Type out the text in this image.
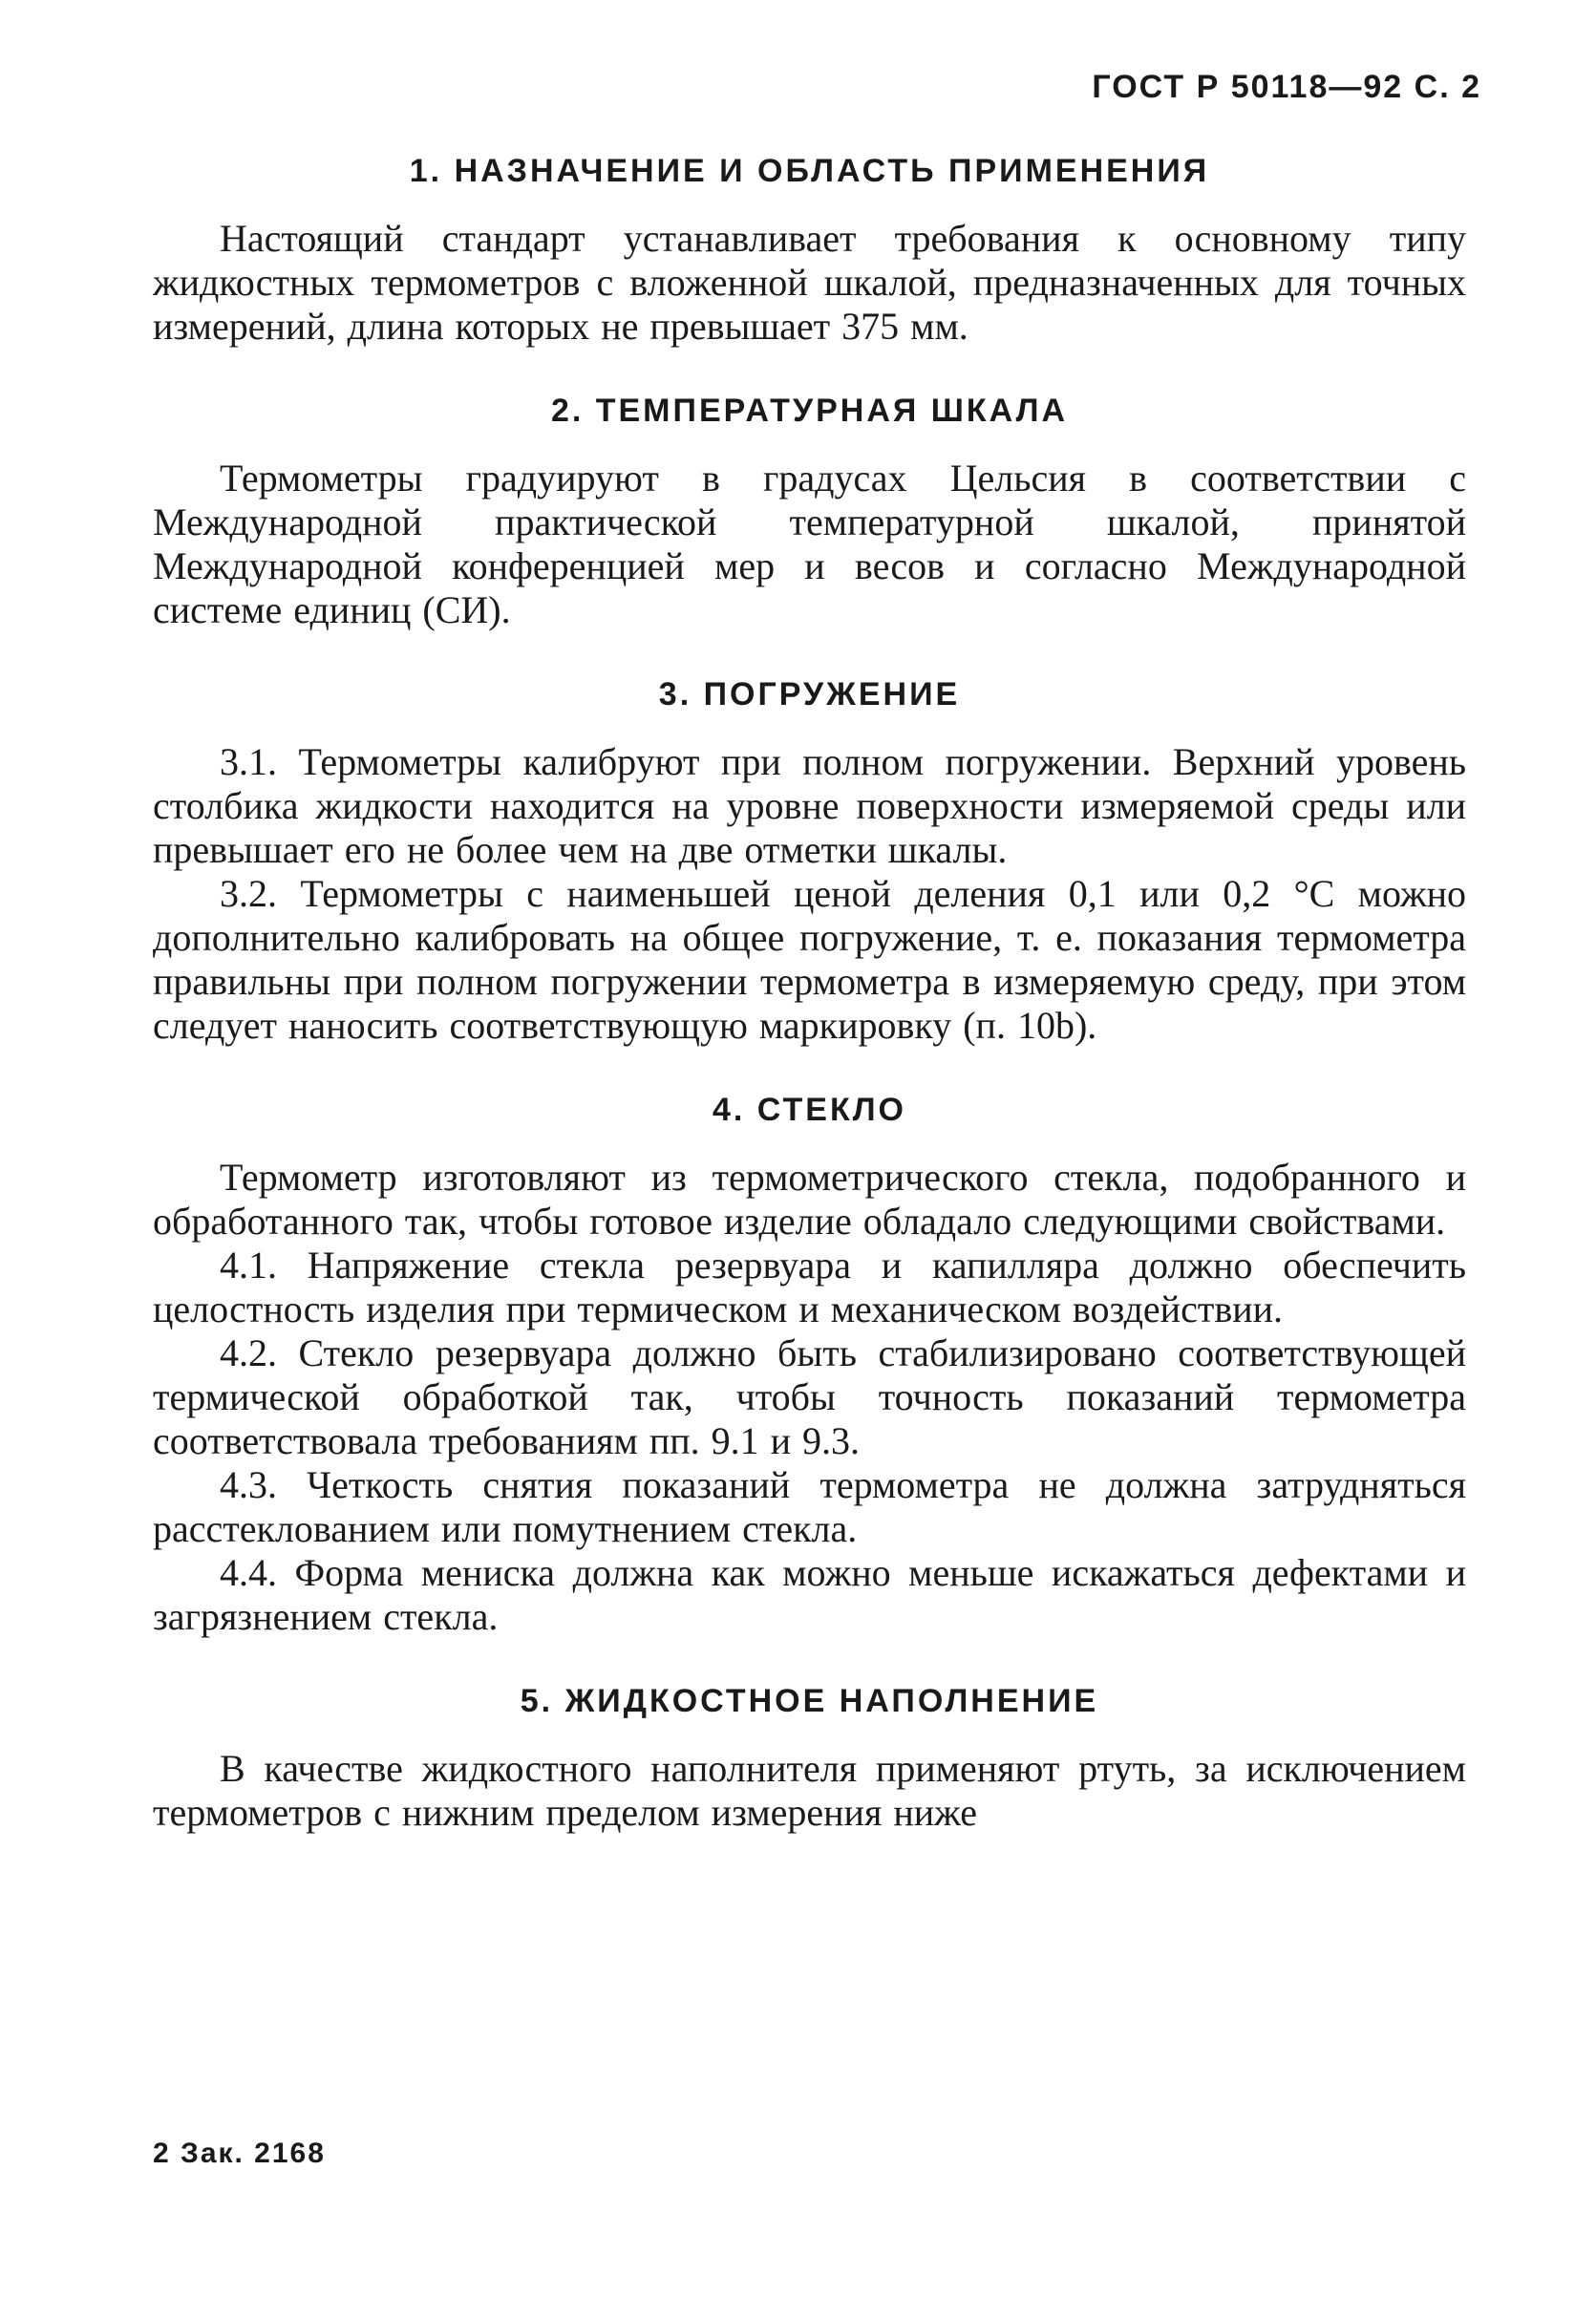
ГОСТ Р 50118—92 С. 2
1. НАЗНАЧЕНИЕ И ОБЛАСТЬ ПРИМЕНЕНИЯ

Настоящий стандарт устанавливает требования к основному типу жидкостных термометров с вложенной шкалой, предназначенных для точных измерений, длина которых не превышает 375 мм.

2. ТЕМПЕРАТУРНАЯ ШКАЛА

Термометры градуируют в градусах Цельсия в соответствии с Международной практической температурной шкалой, принятой Международной конференцией мер и весов и согласно Международной системе единиц (СИ).

3. ПОГРУЖЕНИЕ

3.1. Термометры калибруют при полном погружении. Верхний уровень столбика жидкости находится на уровне поверхности измеряемой среды или превышает его не более чем на две отметки шкалы.

3.2. Термометры с наименьшей ценой деления 0,1 или 0,2 °С можно дополнительно калибровать на общее погружение, т. е. показания термометра правильны при полном погружении термометра в измеряемую среду, при этом следует наносить соответствующую маркировку (п. 10b).

4. СТЕКЛО

Термометр изготовляют из термометрического стекла, подобранного и обработанного так, чтобы готовое изделие обладало следующими свойствами.

4.1. Напряжение стекла резервуара и капилляра должно обеспечить целостность изделия при термическом и механическом воздействии.

4.2. Стекло резервуара должно быть стабилизировано соответствующей термической обработкой так, чтобы точность показаний термометра соответствовала требованиям пп. 9.1 и 9.3.

4.3. Четкость снятия показаний термометра не должна затрудняться расстеклованием или помутнением стекла.

4.4. Форма мениска должна как можно меньше искажаться дефектами и загрязнением стекла.

5. ЖИДКОСТНОЕ НАПОЛНЕНИЕ

В качестве жидкостного наполнителя применяют ртуть, за исключением термометров с нижним пределом измерения ниже

2 Зак. 2168
